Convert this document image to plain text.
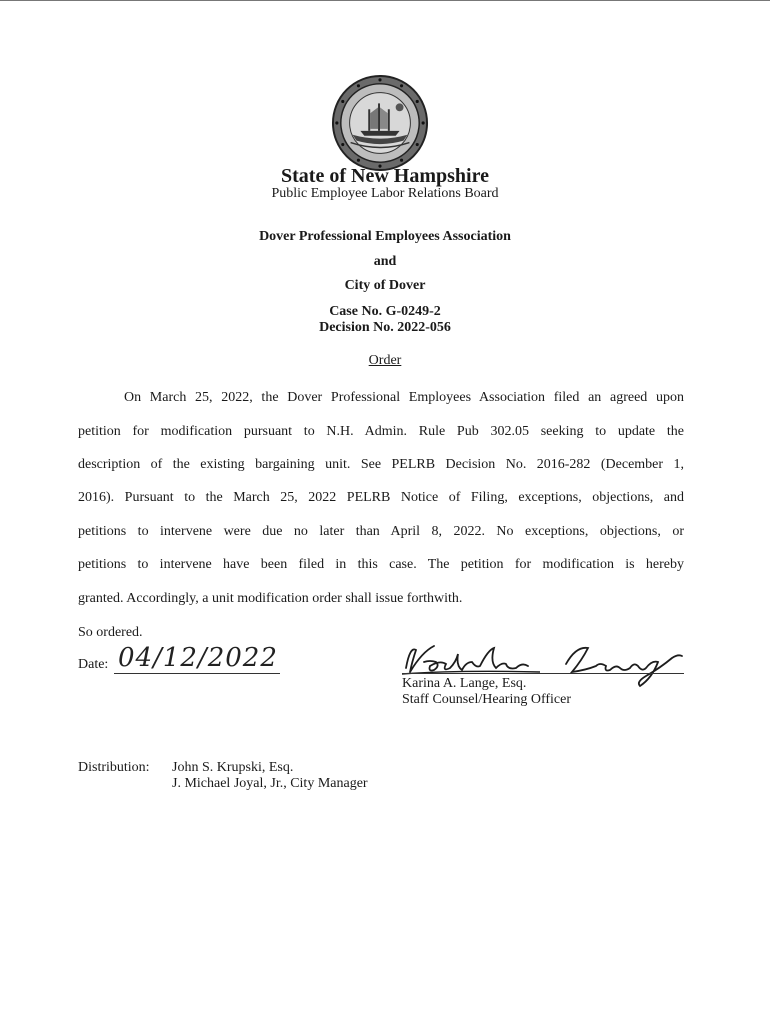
State of New Hampshire
Public Employee Labor Relations Board
Dover Professional Employees Association
and
City of Dover
Case No. G-0249-2
Decision No. 2022-056
Order
On March 25, 2022, the Dover Professional Employees Association filed an agreed upon
petition for modification pursuant to N.H. Admin. Rule Pub 302.05 seeking to update the
description of the existing bargaining unit. See PELRB Decision No. 2016-282 (December 1,
2016). Pursuant to the March 25, 2022 PELRB Notice of Filing, exceptions, objections, and
petitions to intervene were due no later than April 8, 2022. No exceptions, objections, or
petitions to intervene have been filed in this case. The petition for modification is hereby
granted. Accordingly, a unit modification order shall issue forthwith.
So ordered.
Date: 04/12/2022
Karina A. Lange, Esq.
Staff Counsel/Hearing Officer
Distribution: John S. Krupski, Esq.
J. Michael Joyal, Jr., City Manager
